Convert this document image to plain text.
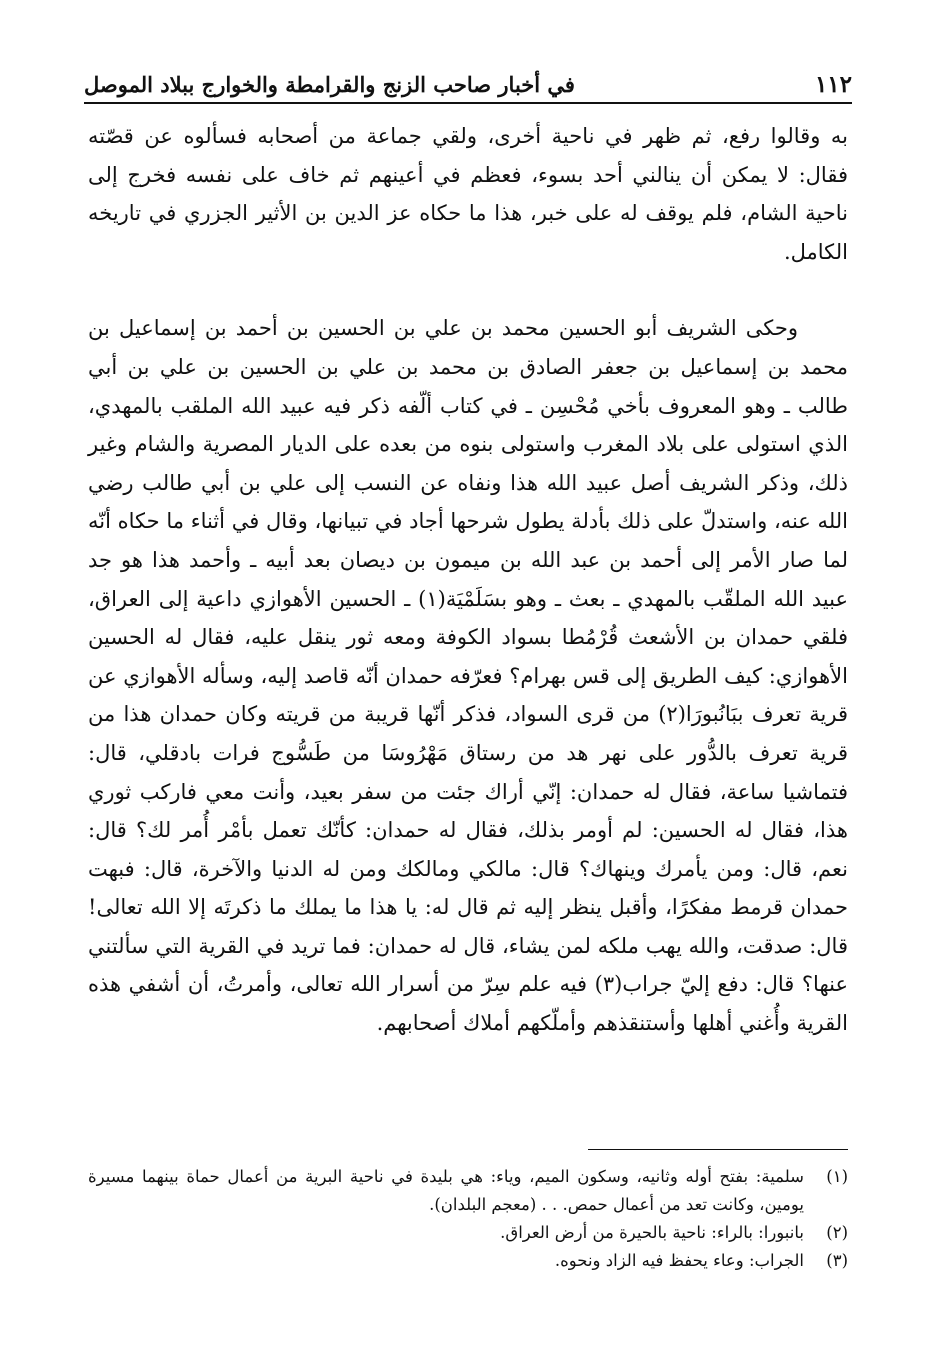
١١٢
في أخبار صاحب الزنج والقرامطة والخوارج ببلاد الموصل

به وقالوا رفع، ثم ظهر في ناحية أخرى، ولقي جماعة من أصحابه فسألوه عن قصّته فقال: لا يمكن أن ينالني أحد بسوء، فعظم في أعينهم ثم خاف على نفسه فخرج إلى ناحية الشام، فلم يوقف له على خبر، هذا ما حكاه عز الدين بن الأثير الجزري في تاريخه الكامل.

وحكى الشريف أبو الحسين محمد بن علي بن الحسين بن أحمد بن إسماعيل بن محمد بن إسماعيل بن جعفر الصادق بن محمد بن علي بن الحسين بن علي بن أبي طالب ـ وهو المعروف بأخي مُحْسِن ـ في كتاب ألّفه ذكر فيه عبيد الله الملقب بالمهدي، الذي استولى على بلاد المغرب واستولى بنوه من بعده على الديار المصرية والشام وغير ذلك، وذكر الشريف أصل عبيد الله هذا ونفاه عن النسب إلى علي بن أبي طالب رضي الله عنه، واستدلّ على ذلك بأدلة يطول شرحها أجاد في تبيانها، وقال في أثناء ما حكاه أنّه لما صار الأمر إلى أحمد بن عبد الله بن ميمون بن ديصان بعد أبيه ـ وأحمد هذا هو جد عبيد الله الملقّب بالمهدي ـ بعث ـ وهو بسَلَمْيَة(١) ـ الحسين الأهوازي داعية إلى العراق، فلقي حمدان بن الأشعث قُرْمُطا بسواد الكوفة ومعه ثور ينقل عليه، فقال له الحسين الأهوازي: كيف الطريق إلى قس بهرام؟ فعرّفه حمدان أنّه قاصد إليه، وسأله الأهوازي عن قرية تعرف ببَانُبورَا(٢) من قرى السواد، فذكر أنّها قريبة من قريته وكان حمدان هذا من قرية تعرف بالدُّور على نهر هد من رستاق مَهْرُوسَا من طَسُّوج فرات بادقلي، قال: فتماشيا ساعة، فقال له حمدان: إنّي أراك جئت من سفر بعيد، وأنت معي فاركب ثوري هذا، فقال له الحسين: لم أومر بذلك، فقال له حمدان: كأنّك تعمل بأمْر أُمر لك؟ قال: نعم، قال: ومن يأمرك وينهاك؟ قال: مالكي ومالكك ومن له الدنيا والآخرة، قال: فبهت حمدان قرمط مفكرًا، وأقبل ينظر إليه ثم قال له: يا هذا ما يملك ما ذكرتَه إلا الله تعالى! قال: صدقت، والله يهب ملكه لمن يشاء، قال له حمدان: فما تريد في القرية التي سألتني عنها؟ قال: دفع إليّ جراب(٣) فيه علم سِرّ من أسرار الله تعالى، وأمرتُ، أن أشفي هذه القرية وأُغني أهلها وأستنقذهم وأملّكهم أملاك أصحابهم.

(١)
سلمية: بفتح أوله وثانيه، وسكون الميم، وياء: هي بليدة في ناحية البرية من أعمال حماة بينهما مسيرة يومين، وكانت تعد من أعمال حمص. . . (معجم البلدان).
(٢)
بانبورا: بالراء: ناحية بالحيرة من أرض العراق.
(٣)
الجراب: وعاء يحفظ فيه الزاد ونحوه.
